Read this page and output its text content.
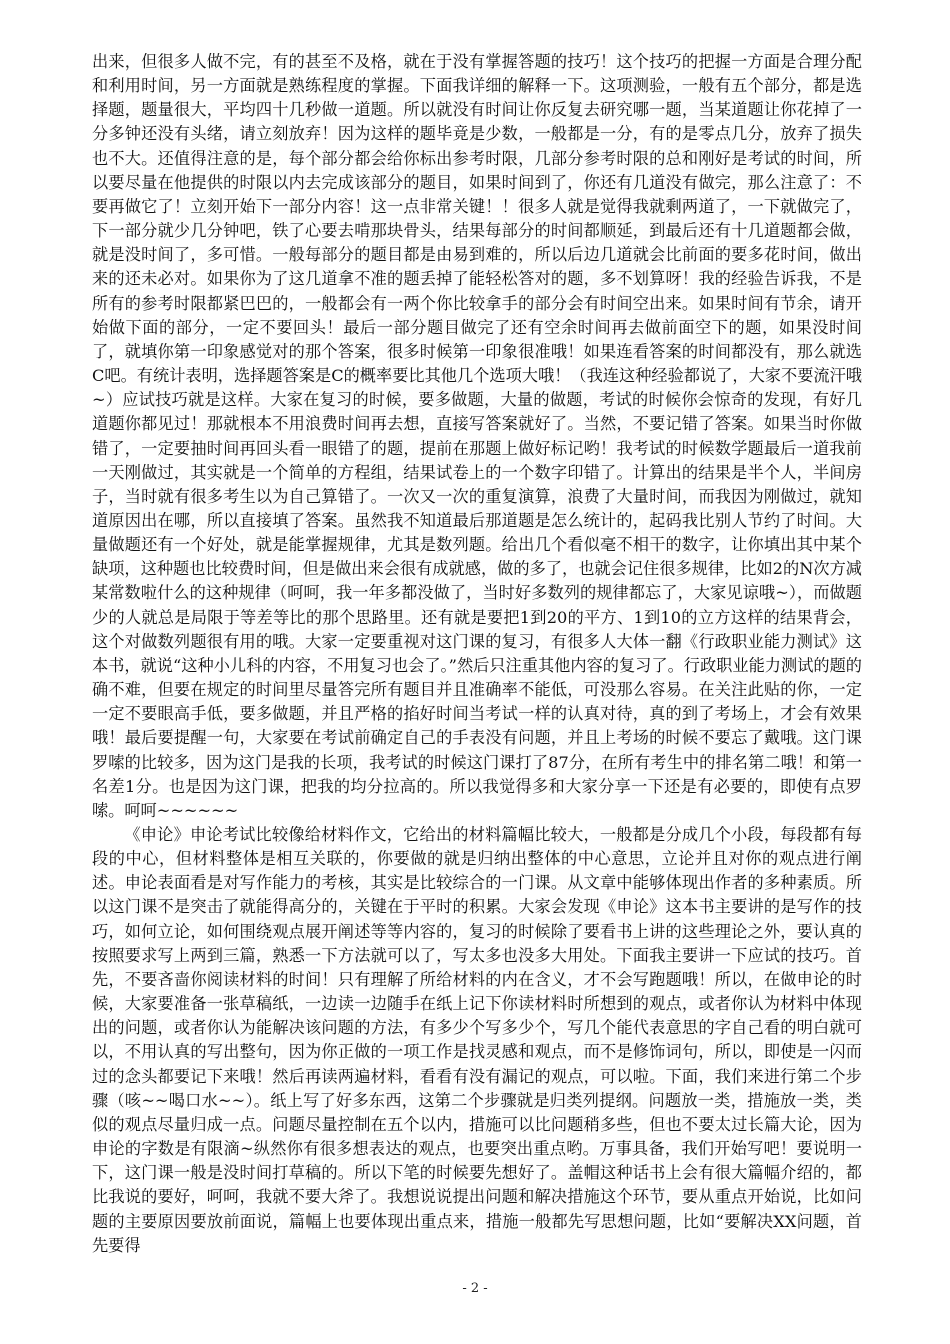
出来，但很多人做不完，有的甚至不及格，就在于没有掌握答题的技巧！这个技巧的把握一方面是合理分配和利用时间，另一方面就是熟练程度的掌握。下面我详细的解释一下。这项测验，一般有五个部分，都是选择题，题量很大，平均四十几秒做一道题。所以就没有时间让你反复去研究哪一题，当某道题让你花掉了一分多钟还没有头绪，请立刻放弃！因为这样的题毕竟是少数，一般都是一分，有的是零点几分，放弃了损失也不大。还值得注意的是，每个部分都会给你标出参考时限，几部分参考时限的总和刚好是考试的时间，所以要尽量在他提供的时限以内去完成该部分的题目，如果时间到了，你还有几道没有做完，那么注意了：不要再做它了！立刻开始下一部分内容！这一点非常关键！！很多人就是觉得我就剩两道了，一下就做完了，下一部分就少几分钟吧，铁了心要去啃那块骨头，结果每部分的时间都顺延，到最后还有十几道题都会做，就是没时间了，多可惜。一般每部分的题目都是由易到难的，所以后边几道就会比前面的要多花时间，做出来的还未必对。如果你为了这几道拿不准的题丢掉了能轻松答对的题，多不划算呀！我的经验告诉我，不是所有的参考时限都紧巴巴的，一般都会有一两个你比较拿手的部分会有时间空出来。如果时间有节余，请开始做下面的部分，一定不要回头！最后一部分题目做完了还有空余时间再去做前面空下的题，如果没时间了，就填你第一印象感觉对的那个答案，很多时候第一印象很准哦！如果连看答案的时间都没有，那么就选C吧。有统计表明，选择题答案是C的概率要比其他几个选项大哦！（我连这种经验都说了，大家不要流汗哦~）应试技巧就是这样。大家在复习的时候，要多做题，大量的做题，考试的时候你会惊奇的发现，有好几道题你都见过！那就根本不用浪费时间再去想，直接写答案就好了。当然，不要记错了答案。如果当时你做错了，一定要抽时间再回头看一眼错了的题，提前在那题上做好标记哟！我考试的时候数学题最后一道我前一天刚做过，其实就是一个简单的方程组，结果试卷上的一个数字印错了。计算出的结果是半个人，半间房子，当时就有很多考生以为自己算错了。一次又一次的重复演算，浪费了大量时间，而我因为刚做过，就知道原因出在哪，所以直接填了答案。虽然我不知道最后那道题是怎么统计的，起码我比别人节约了时间。大量做题还有一个好处，就是能掌握规律，尤其是数列题。给出几个看似毫不相干的数字，让你填出其中某个缺项，这种题也比较费时间，但是做出来会很有成就感，做的多了，也就会记住很多规律，比如2的N次方减某常数啦什么的这种规律（呵呵，我一年多都没做了，当时好多数列的规律都忘了，大家见谅哦~），而做题少的人就总是局限于等差等比的那个思路里。还有就是要把1到20的平方、1到10的立方这样的结果背会，这个对做数列题很有用的哦。大家一定要重视对这门课的复习，有很多人大体一翻《行政职业能力测试》这本书，就说“这种小儿科的内容，不用复习也会了。”然后只注重其他内容的复习了。行政职业能力测试的题的确不难，但要在规定的时间里尽量答完所有题目并且准确率不能低，可没那么容易。在关注此贴的你，一定一定不要眼高手低，要多做题，并且严格的掐好时间当考试一样的认真对待，真的到了考场上，才会有效果哦！最后要提醒一句，大家要在考试前确定自己的手表没有问题，并且上考场的时候不要忘了戴哦。这门课罗嗦的比较多，因为这门是我的长项，我考试的时候这门课打了87分，在所有考生中的排名第二哦！和第一名差1分。也是因为这门课，把我的均分拉高的。所以我觉得多和大家分享一下还是有必要的，即使有点罗嗦。呵呵~~~~~~

《申论》申论考试比较像给材料作文，它给出的材料篇幅比较大，一般都是分成几个小段，每段都有每段的中心，但材料整体是相互关联的，你要做的就是归纳出整体的中心意思，立论并且对你的观点进行阐述。申论表面看是对写作能力的考核，其实是比较综合的一门课。从文章中能够体现出作者的多种素质。所以这门课不是突击了就能得高分的，关键在于平时的积累。大家会发现《申论》这本书主要讲的是写作的技巧，如何立论，如何围绕观点展开阐述等等内容的，复习的时候除了要看书上讲的这些理论之外，要认真的按照要求写上两到三篇，熟悉一下方法就可以了，写太多也没多大用处。下面我主要讲一下应试的技巧。首先，不要吝啬你阅读材料的时间！只有理解了所给材料的内在含义，才不会写跑题哦！所以，在做申论的时候，大家要准备一张草稿纸，一边读一边随手在纸上记下你读材料时所想到的观点，或者你认为材料中体现出的问题，或者你认为能解决该问题的方法，有多少个写多少个，写几个能代表意思的字自己看的明白就可以，不用认真的写出整句，因为你正做的一项工作是找灵感和观点，而不是修饰词句，所以，即使是一闪而过的念头都要记下来哦！然后再读两遍材料，看看有没有漏记的观点，可以啦。下面，我们来进行第二个步骤（咳~~喝口水~~）。纸上写了好多东西，这第二个步骤就是归类列提纲。问题放一类，措施放一类，类似的观点尽量归成一点。问题尽量控制在五个以内，措施可以比问题稍多些，但也不要太过长篇大论，因为申论的字数是有限滴~纵然你有很多想表达的观点，也要突出重点哟。万事具备，我们开始写吧！要说明一下，这门课一般是没时间打草稿的。所以下笔的时候要先想好了。盖帽这种话书上会有很大篇幅介绍的，都比我说的要好，呵呵，我就不要大斧了。我想说说提出问题和解决措施这个环节，要从重点开始说，比如问题的主要原因要放前面说，篇幅上也要体现出重点来，措施一般都先写思想问题，比如“要解决XX问题，首先要得

- 2 -
